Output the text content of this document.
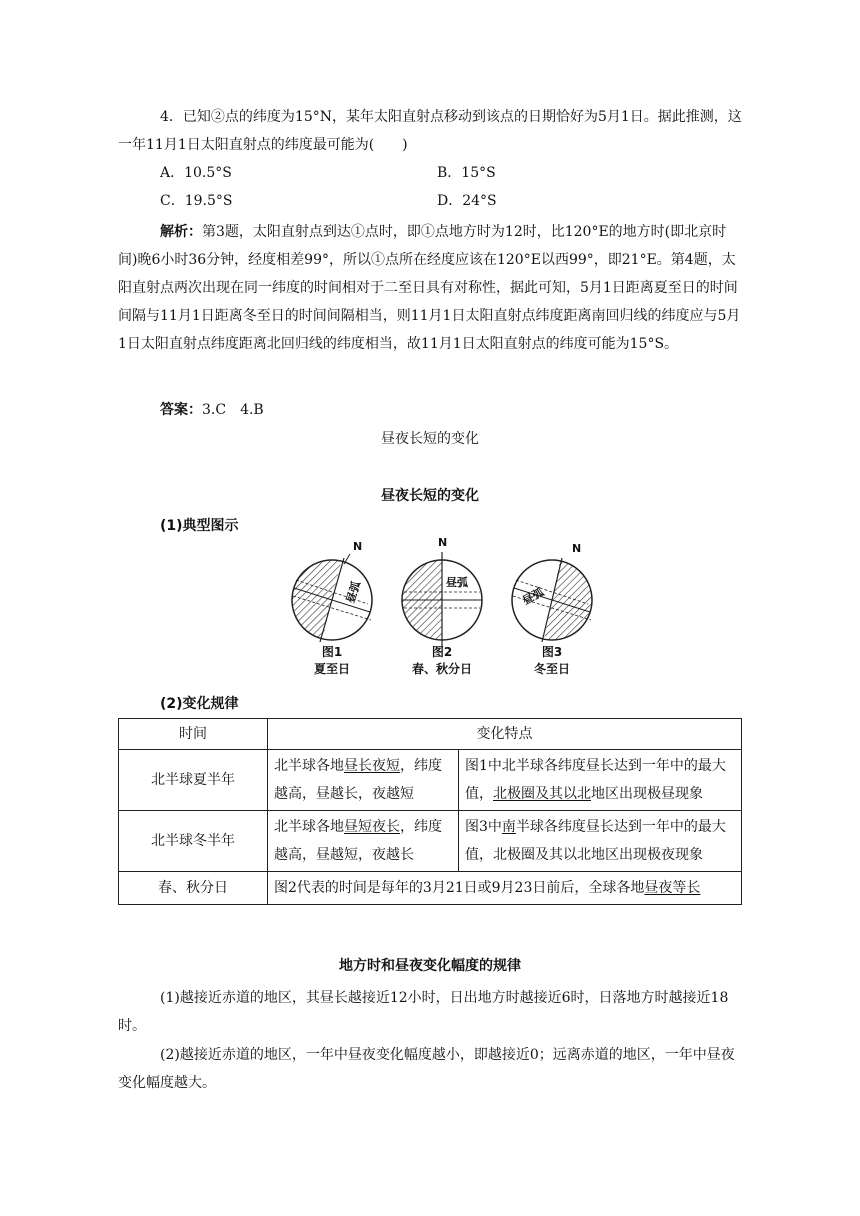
4．已知②点的纬度为15°N，某年太阳直射点移动到该点的日期恰好为5月1日。据此推测，这一年11月1日太阳直射点的纬度最可能为(　　)

A．10.5°S	B．15°S
C．19.5°S	D．24°S

解析：第3题，太阳直射点到达①点时，即①点地方时为12时，比120°E的地方时(即北京时间)晚6小时36分钟，经度相差99°，所以①点所在经度应该在120°E以西99°，即21°E。第4题，太阳直射点两次出现在同一纬度的时间相对于二至日具有对称性，据此可知，5月1日距离夏至日的时间间隔与11月1日距离冬至日的时间间隔相当，则11月1日太阳直射点纬度距离南回归线的纬度应与5月1日太阳直射点纬度距离北回归线的纬度相当，故11月1日太阳直射点的纬度可能为15°S。

答案：3.C　4.B

昼夜长短的变化
昼夜长短的变化

(1)典型图示

N
昼弧
N
昼弧
N
昼弧
图1
夏至日
图2
春、秋分日
图3
冬至日

(2)变化规律

时间	变化特点	
北半球夏半年	北半球各地昼长夜短，纬度越高，昼越长，夜越短	图1中北半球各纬度昼长达到一年中的最大值，北极圈及其以北地区出现极昼现象
北半球冬半年	北半球各地昼短夜长，纬度越高，昼越短，夜越长	图3中南半球各纬度昼长达到一年中的最大值，北极圈及其以北地区出现极夜现象
春、秋分日	图2代表的时间是每年的3月21日或9月23日前后，全球各地昼夜等长	
地方时和昼夜变化幅度的规律

(1)越接近赤道的地区，其昼长越接近12小时，日出地方时越接近6时，日落地方时越接近18时。

(2)越接近赤道的地区，一年中昼夜变化幅度越小，即越接近0；远离赤道的地区，一年中昼夜变化幅度越大。
